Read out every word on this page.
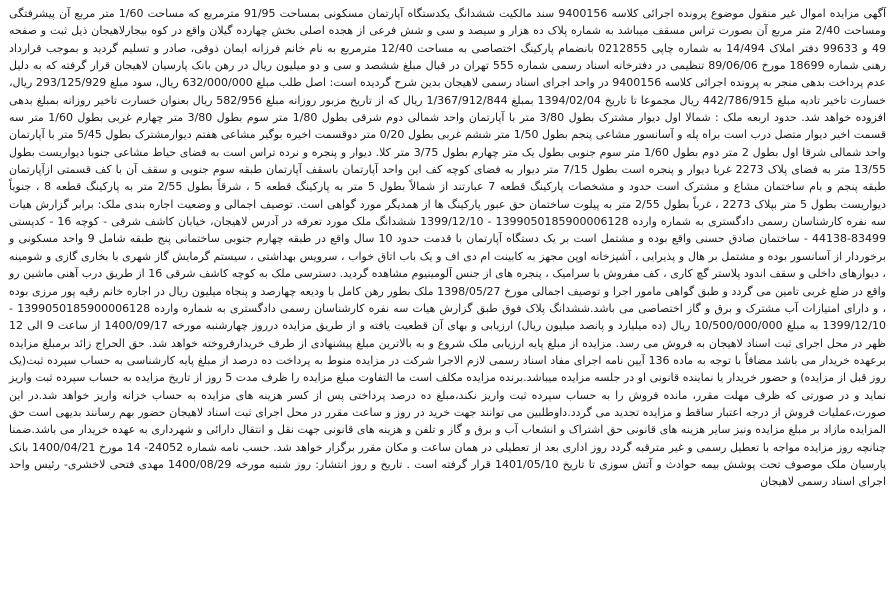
آگهی مزایده اموال غیر منقول موضوع پرونده اجرائی کلاسه 9400156 سند مالکیت ششدانگ یکدستگاه آپارتمان مسکونی بمساحت 91/95 مترمربع که مساحت 1/60 متر مربع آن پیشرفتگی ومساحت 2/40 متر مربع آن بصورت تراس مسقف میباشد به شماره پلاک ده هزار و سیصد و سی و شش فرعی از هجده اصلی بخش چهارده گیلان واقع در کوه بیجارلاهیجان ذیل ثبت و صفحه 49 و 99633 دفتر املاک 14/494 به شماره چاپی 0212855 بانضمام پارکینگ اختصاصی به مساحت 12/40 مترمربع به نام خانم فرزانه ایمان ذوقی، صادر و تسلیم گردید و بموجب قرارداد رهنی شماره 18699 مورخ 89/06/06 تنظیمی در دفترخانه اسناد رسمی شماره 555 تهران در قبال مبلغ ششصد و سی و دو میلیون ریال در رهن بانک پارسیان لاهیجان قرار گرفته که به دلیل عدم پرداخت بدهی منجر به پرونده اجرائی کلاسه 9400156 در واحد اجرای اسناد رسمی لاهیجان بدین شرح گردیده است: اصل طلب مبلغ 632/000/000 ریال، سود مبلغ 293/125/929 ریال، خسارت تاخیر تادیه مبلغ 442/786/915 ریال مجموعا تا تاریخ 1394/02/04 بمبلغ 1/367/912/844 ریال که از تاریخ مزبور روزانه مبلغ 582/956 ریال بعنوان خسارت تاخیر روزانه بمبلغ بدهی افزوده خواهد شد. حدود اربعه ملک : شمالا اول دیوار مشترک بطول 3/80 متر با آپارتمان واحد شمالی دوم شرقی بطول 1/80 متر سوم بطول 3/80 متر چهارم غربی بطول 1/60 متر سه قسمت اخیر دیوار متصل درب است براه پله و آسانسور مشاعی پنجم بطول 1/50 متر ششم غربی بطول 0/20 متر دوقسمت اخیره بوگیر مشاعی هفتم دیوارمشترک بطول 5/45 متر با آپارتمان واحد شمالی شرقا اول بطول 2 متر دوم بطول 1/60 متر سوم جنوبی بطول یک متر چهارم بطول 3/75 متر کلا. دیوار و پنجره و نرده تراس است به فضای حیاط مشاعی جنوبا دیواریست بطول 13/55 متر به فضای پلاک 2273 غربا دیوار و پنجره است بطول 7/15 متر دیوار به فضای کوچه کف این واحد آپارتمان باسقف آپارتمان طبقه سوم جنوبی و سقف آن با کف قسمتی ازآپارتمان طبقه پنجم و بام ساختمان مشاع و مشترک است حدود و مشخصات پارکینگ قطعه 7 عبارتند از شمالاً بطول 5 متر به پارکینگ قطعه 5 ، شرقاً بطول 2/55 متر به پارکینگ قطعه 8 ، جنوباً دیواریست بطول 5 متر بپلاک 2273 ، غرباً بطول 2/55 متر به پیلوت ساختمان حق عبور پارکینگ ها از همدیگر مورد گواهی است. توصیف اجمالی و وضعیت اجاره بندی ملک: برابر گزارش هیات سه نفره کارشناسان رسمی دادگستری به شماره وارده 13990501859000061​28 - 1399/12/10 ششدانگ ملک مورد تعرفه در آدرس لاهیجان، خیابان کاشف شرقی - کوچه 16 - کدپستی 83499-44138 - ساختمان صادق حسنی واقع بوده و مشتمل است بر یک دستگاه آپارتمان با قدمت حدود 10 سال واقع در طبقه چهارم جنوبی ساختمانی پنج طبقه شامل 9 واحد مسکونی و برخوردار از آسانسور بوده و مشتمل بر هال و پذیرایی ، آشپزخانه اوپن مجهز به کابینت ام دی اف و یک باب اتاق خواب ، سرویس بهداشتی ، سیستم گرمایش گاز شهری با بخاری گازی و شومینه ، دیوارهای داخلی و سقف اندود پلاستر گچ کاری ، کف مفروش با سرامیک ، پنجره های از جنس آلومینیوم مشاهده گردید. دسترسی ملک به کوچه کاشف شرقی 16 از طریق درب آهنی ماشین رو واقع در ضلع غربی تامین می گردد و طبق گواهی مامور اجرا و توصیف اجمالی مورخ 1398/05/27 ملک بطور رهن کامل با ودیعه چهارصد و پنجاه میلیون ریال در اجاره خانم رقیه پور مرزی بوده ، و دارای امتیازات آب مشترک و برق و گاز اختصاصی می باشد.ششدانگ پلاک فوق طبق گزارش هیات سه نفره کارشناسان رسمی دادگستری به شماره وارده 13990501859000061​28 - 1399/12/10 به مبلغ 10/500/000/000 ریال (ده میلیارد و پانصد میلیون ریال) ارزیابی و بهای آن قطعیت یافته و از طریق مزایده درروز چهارشنبه مورخه 1400/09/17 از ساعت 9 الی 12 ظهر در محل اجرای ثبت اسناد لاهیجان به فروش می رسد. مزایده از مبلغ پایه ارزیابی ملک شروع و به بالاترین مبلغ پیشنهادی از طرف خریدارفروخته خواهد شد. حق الحراج زائد برمبلغ مزایده برعهده خریدار می باشد مضافاً با توجه به ماده 136 آیین نامه اجرای مفاد اسناد رسمی لازم الاجرا شرکت در مزایده منوط به پرداخت ده درصد از مبلغ پایه کارشناسی به حساب سپرده ثبت(یک روز قبل از مزایده) و حضور خریدار یا نماینده قانونی او در جلسه مزایده میباشد.برنده مزایده مکلف است ما التفاوت مبلغ مزایده را ظرف مدت 5 روز از تاریخ مزایده به حساب سپرده ثبت واریز نماید و در صورتی که ظرف مهلت مقرر، مانده فروش را به حساب سپرده ثبت واریز نکند،مبلغ ده درصد پرداختی پس از کسر هزینه های مزایده به حساب خزانه واریز خواهد شد.در این صورت،عملیات فروش از درجه اعتبار ساقط و مزایده تجدید می گردد.داوطلبین می توانند جهت خرید در روز و ساعت مقرر در محل اجرای ثبت اسناد لاهیجان حضور بهم رسانند بدیهی است حق المزایده مازاد بر مبلغ مزایده ونیز سایر هزینه های قانونی حق اشتراک و انشعاب آب و برق و گاز و تلفن و هزینه های قانونی جهت نقل و انتقال دارائی و شهرداری به عهده خریدار می باشد.ضمنا چنانچه روز مزایده مواجه با تعطیل رسمی و غیر مترقبه گردد روز اداری بعد از تعطیلی در همان ساعت و مکان مقرر برگزار خواهد شد. حسب نامه شماره 24052- 14 مورخ 1400/04/21 بانک پارسیان ملک موصوف تحت پوشش بیمه حوادث و آتش سوزی تا تاریخ 1401/05/10 قرار گرفته است . تاریخ و روز انتشار: روز شنبه مورخه 1400/08/29 مهدی فتحی لاخشری- رئیس واحد اجرای اسناد رسمی لاهیجان
